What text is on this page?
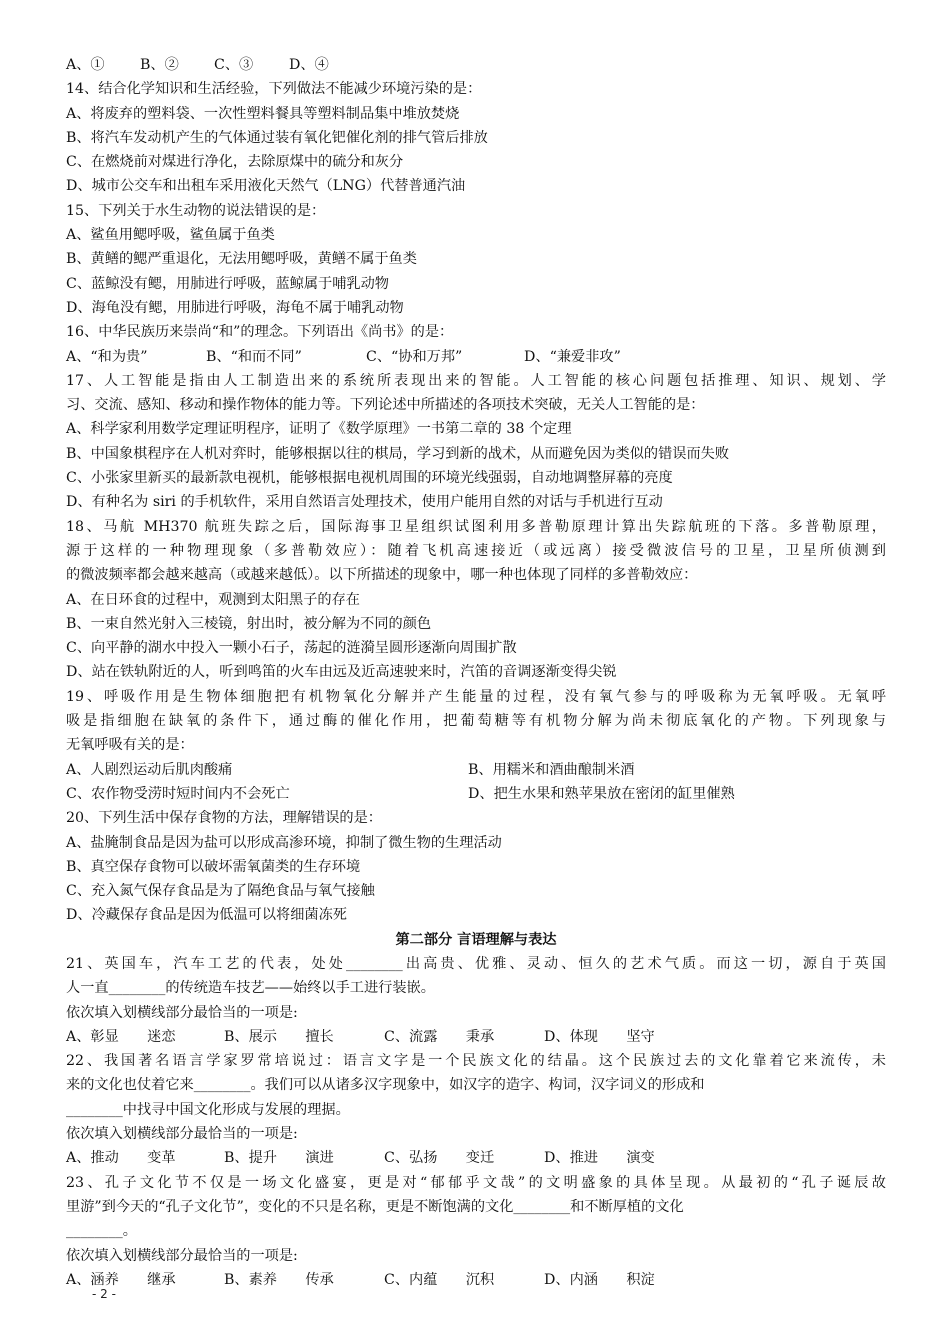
A、① B、② C、③	D、④
14、结合化学知识和生活经验，下列做法不能减少环境污染的是：
A、将废弃的塑料袋、一次性塑料餐具等塑料制品集中堆放焚烧
B、将汽车发动机产生的气体通过装有氧化钯催化剂的排气管后排放
C、在燃烧前对煤进行净化，去除原煤中的硫分和灰分
D、城市公交车和出租车采用液化天然气（LNG）代替普通汽油
15、下列关于水生动物的说法错误的是：
A、鲨鱼用鳃呼吸，鲨鱼属于鱼类
B、黄鳝的鳃严重退化，无法用鳃呼吸，黄鳝不属于鱼类
C、蓝鲸没有鳃，用肺进行呼吸，蓝鲸属于哺乳动物
D、海龟没有鳃，用肺进行呼吸，海龟不属于哺乳动物
16、中华民族历来崇尚“和”的理念。下列语出《尚书》的是：
A、“和为贵”	B、“和而不同”	C、“协和万邦”	D、“兼爱非攻”
17、人工智能是指由人工制造出来的系统所表现出来的智能。人工智能的核心问题包括推理、知识、规划、学
习、交流、感知、移动和操作物体的能力等。下列论述中所描述的各项技术突破，无关人工智能的是：
A、科学家利用数学定理证明程序，证明了《数学原理》一书第二章的 38 个定理
B、中国象棋程序在人机对弈时，能够根据以往的棋局，学习到新的战术，从而避免因为类似的错误而失败
C、小张家里新买的最新款电视机，能够根据电视机周围的环境光线强弱，自动地调整屏幕的亮度
D、有种名为 siri 的手机软件，采用自然语言处理技术，使用户能用自然的对话与手机进行互动
18、马航 MH370 航班失踪之后，国际海事卫星组织试图利用多普勒原理计算出失踪航班的下落。多普勒原理，
源于这样的一种物理现象（多普勒效应）：随着飞机高速接近（或远离）接受微波信号的卫星，卫星所侦测到
的微波频率都会越来越高（或越来越低）。以下所描述的现象中，哪一种也体现了同样的多普勒效应：
A、在日环食的过程中，观测到太阳黑子的存在
B、一束自然光射入三棱镜，射出时，被分解为不同的颜色
C、向平静的湖水中投入一颗小石子，荡起的涟漪呈圆形逐渐向周围扩散
D、站在铁轨附近的人，听到鸣笛的火车由远及近高速驶来时，汽笛的音调逐渐变得尖锐
19、呼吸作用是生物体细胞把有机物氧化分解并产生能量的过程，没有氧气参与的呼吸称为无氧呼吸。无氧呼
吸是指细胞在缺氧的条件下，通过酶的催化作用，把葡萄糖等有机物分解为尚未彻底氧化的产物。下列现象与
无氧呼吸有关的是：
A、人剧烈运动后肌肉酸痛	B、用糯米和酒曲酿制米酒
C、农作物受涝时短时间内不会死亡	D、把生水果和熟苹果放在密闭的缸里催熟
20、下列生活中保存食物的方法，理解错误的是：
A、盐腌制食品是因为盐可以形成高渗环境，抑制了微生物的生理活动
B、真空保存食物可以破坏需氧菌类的生存环境
C、充入氮气保存食品是为了隔绝食品与氧气接触
D、冷藏保存食品是因为低温可以将细菌冻死
第二部分 言语理解与表达
21、英国车，汽车工艺的代表，处处________出高贵、优雅、灵动、恒久的艺术气质。而这一切，源自于英国
人一直________的传统造车技艺——始终以手工进行装嵌。
依次填入划横线部分最恰当的一项是:
A、彰显　　迷恋	B、展示　　擅长	C、流露　　秉承	D、体现　　坚守
22、我国著名语言学家罗常培说过：语言文字是一个民族文化的结晶。这个民族过去的文化靠着它来流传，未
来的文化也仗着它来________。我们可以从诸多汉字现象中，如汉字的造字、构词，汉字词义的形成和
________中找寻中国文化形成与发展的理据。
依次填入划横线部分最恰当的一项是:
A、推动　　变革	B、提升　　演进	C、弘扬　　变迁	D、推进　　演变
23、孔子文化节不仅是一场文化盛宴，更是对“郁郁乎文哉”的文明盛象的具体呈现。从最初的“孔子诞辰故
里游”到今天的“孔子文化节”，变化的不只是名称，更是不断饱满的文化________和不断厚植的文化
________。
依次填入划横线部分最恰当的一项是:
A、涵养　　继承	B、素养　　传承	C、内蕴　　沉积	D、内涵　　积淀
- 2 -
